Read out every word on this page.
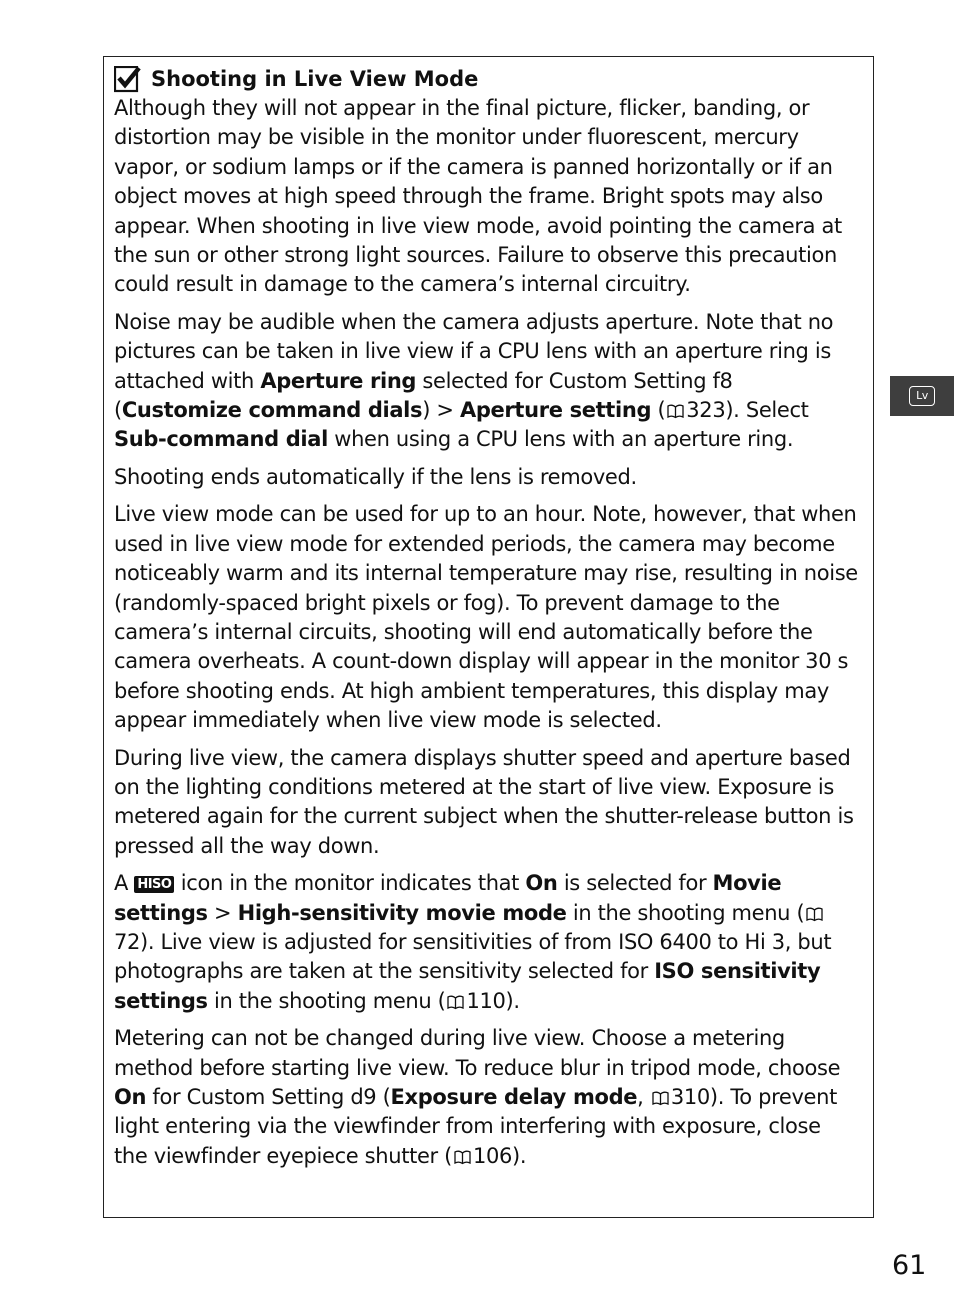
Shooting in Live View Mode

Although they will not appear in the final picture, flicker, banding, or distortion may be visible in the monitor under fluorescent, mercury vapor, or sodium lamps or if the camera is panned horizontally or if an object moves at high speed through the frame. Bright spots may also appear. When shooting in live view mode, avoid pointing the camera at the sun or other strong light sources. Failure to observe this precaution could result in damage to the camera’s internal circuitry.

Noise may be audible when the camera adjusts aperture. Note that no pictures can be taken in live view if a CPU lens with an aperture ring is attached with Aperture ring selected for Custom Setting f8 (Customize command dials) > Aperture setting ( 323). Select Sub-command dial when using a CPU lens with an aperture ring.

Shooting ends automatically if the lens is removed.

Live view mode can be used for up to an hour. Note, however, that when used in live view mode for extended periods, the camera may become noticeably warm and its internal temperature may rise, resulting in noise (randomly-spaced bright pixels or fog). To prevent damage to the camera’s internal circuits, shooting will end automatically before the camera overheats. A count-down display will appear in the monitor 30 s before shooting ends. At high ambient temperatures, this display may appear immediately when live view mode is selected.

During live view, the camera displays shutter speed and aperture based on the lighting conditions metered at the start of live view. Exposure is metered again for the current subject when the shutter-release button is pressed all the way down.

A HISO icon in the monitor indicates that On is selected for Movie settings > High-sensitivity movie mode in the shooting menu (72). Live view is adjusted for sensitivities of from ISO 6400 to Hi 3, but photographs are taken at the sensitivity selected for ISO sensitivity settings in the shooting menu ( 110).

Metering can not be changed during live view. Choose a metering method before starting live view. To reduce blur in tripod mode, choose On for Custom Setting d9 (Exposure delay mode, 310). To prevent light entering via the viewfinder from interfering with exposure, close the viewfinder eyepiece shutter ( 106).

Lv
61
